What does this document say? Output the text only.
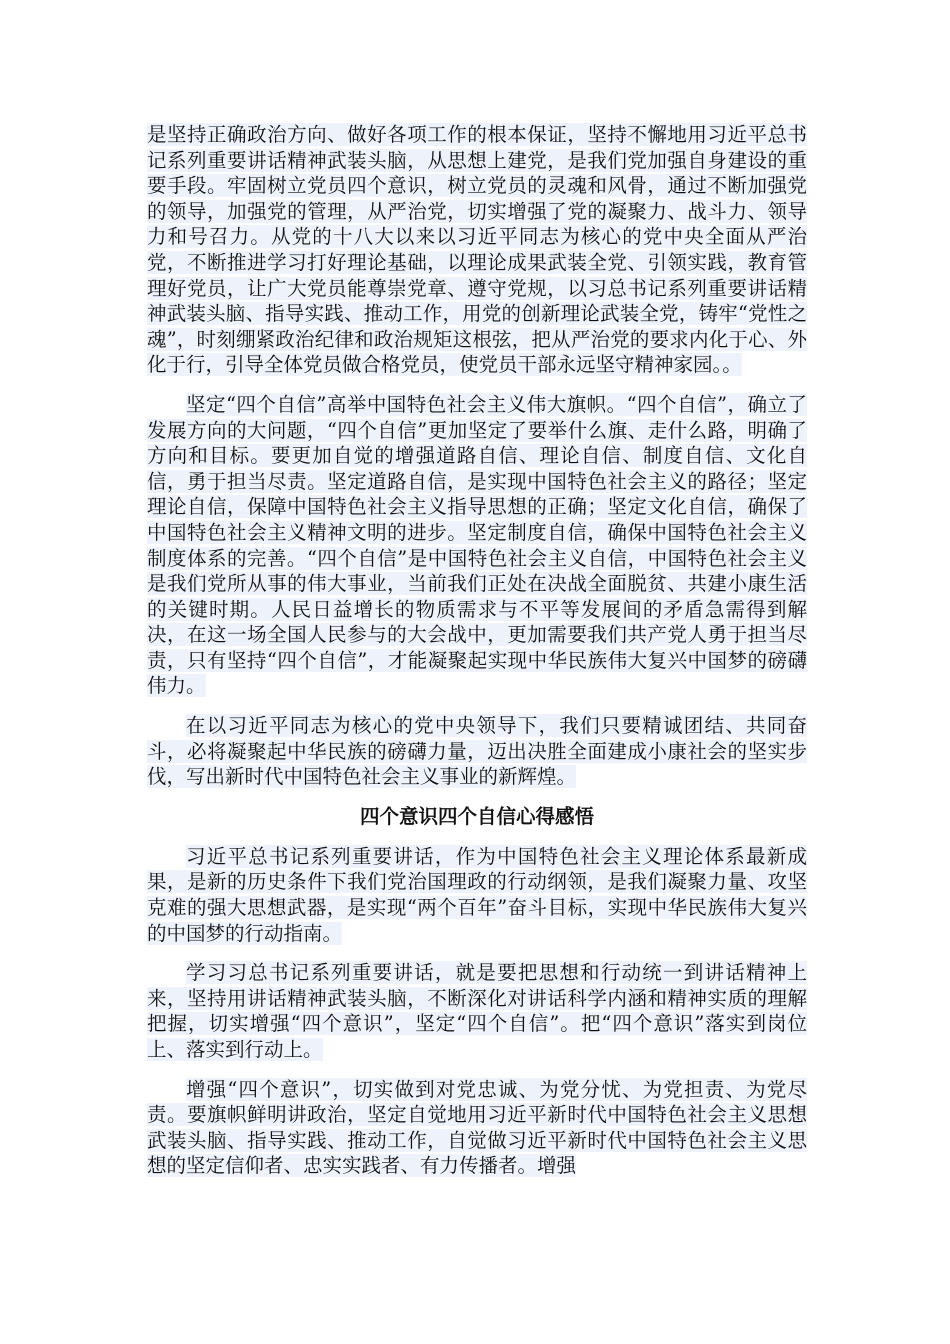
是坚持正确政治方向、做好各项工作的根本保证，坚持不懈地用习近平总书记系列重要讲话精神武装头脑，从思想上建党，是我们党加强自身建设的重要手段。牢固树立党员四个意识，树立党员的灵魂和风骨，通过不断加强党的领导，加强党的管理，从严治党，切实增强了党的凝聚力、战斗力、领导力和号召力。从党的十八大以来以习近平同志为核心的党中央全面从严治党，不断推进学习打好理论基础，以理论成果武装全党、引领实践，教育管理好党员，让广大党员能尊崇党章、遵守党规，以习总书记系列重要讲话精神武装头脑、指导实践、推动工作，用党的创新理论武装全党，铸牢“党性之魂”，时刻绷紧政治纪律和政治规矩这根弦，把从严治党的要求内化于心、外化于行，引导全体党员做合格党员，使党员干部永远坚守精神家园。。

坚定“四个自信”高举中国特色社会主义伟大旗帜。“四个自信”，确立了发展方向的大问题，“四个自信”更加坚定了要举什么旗、走什么路，明确了方向和目标。要更加自觉的增强道路自信、理论自信、制度自信、文化自信，勇于担当尽责。坚定道路自信，是实现中国特色社会主义的路径；坚定理论自信，保障中国特色社会主义指导思想的正确；坚定文化自信，确保了中国特色社会主义精神文明的进步。坚定制度自信，确保中国特色社会主义制度体系的完善。“四个自信”是中国特色社会主义自信，中国特色社会主义是我们党所从事的伟大事业，当前我们正处在决战全面脱贫、共建小康生活的关键时期。人民日益增长的物质需求与不平等发展间的矛盾急需得到解决，在这一场全国人民参与的大会战中，更加需要我们共产党人勇于担当尽责，只有坚持“四个自信”，才能凝聚起实现中华民族伟大复兴中国梦的磅礴伟力。

在以习近平同志为核心的党中央领导下，我们只要精诚团结、共同奋斗，必将凝聚起中华民族的磅礴力量，迈出决胜全面建成小康社会的坚实步伐，写出新时代中国特色社会主义事业的新辉煌。

四个意识四个自信心得感悟

习近平总书记系列重要讲话，作为中国特色社会主义理论体系最新成果，是新的历史条件下我们党治国理政的行动纲领，是我们凝聚力量、攻坚克难的强大思想武器，是实现“两个百年”奋斗目标，实现中华民族伟大复兴的中国梦的行动指南。

学习习总书记系列重要讲话，就是要把思想和行动统一到讲话精神上来，坚持用讲话精神武装头脑，不断深化对讲话科学内涵和精神实质的理解把握，切实增强“四个意识”，坚定“四个自信”。把“四个意识”落实到岗位上、落实到行动上。

增强“四个意识”，切实做到对党忠诚、为党分忧、为党担责、为党尽责。要旗帜鲜明讲政治，坚定自觉地用习近平新时代中国特色社会主义思想武装头脑、指导实践、推动工作，自觉做习近平新时代中国特色社会主义思想的坚定信仰者、忠实实践者、有力传播者。增强
